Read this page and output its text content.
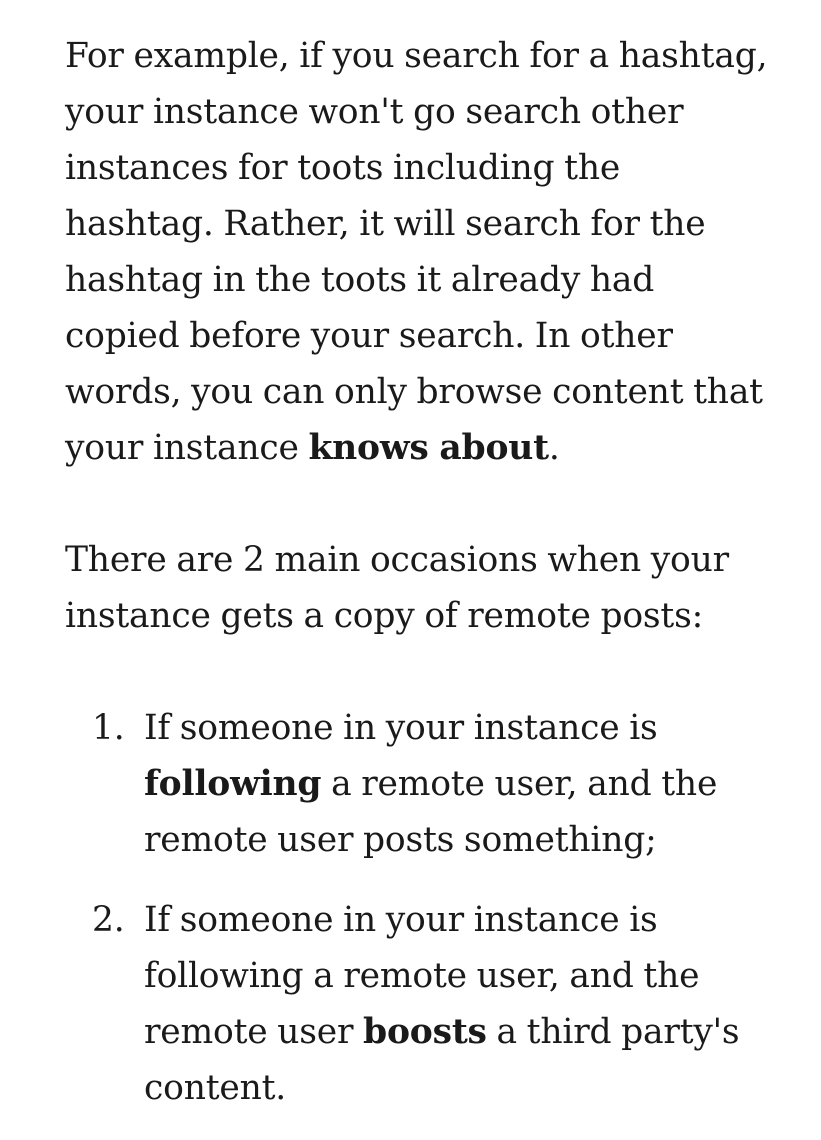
For example, if you search for a hashtag, your instance won't go search other instances for toots including the hashtag. Rather, it will search for the hashtag in the toots it already had copied before your search. In other words, you can only browse content that your instance knows about.

There are 2 main occasions when your instance gets a copy of remote posts:

1. If someone in your instance is following a remote user, and the remote user posts something;
2. If someone in your instance is following a remote user, and the remote user boosts a third party's content.
